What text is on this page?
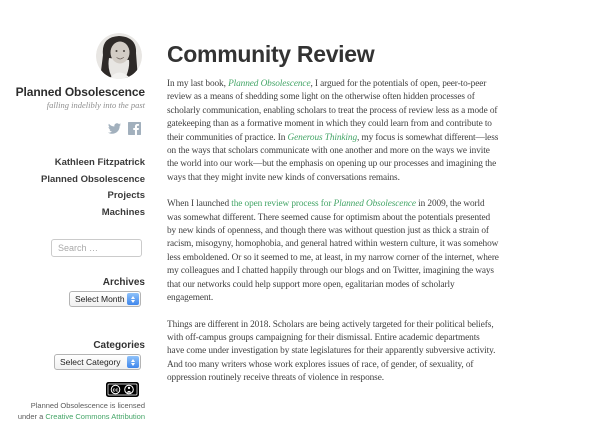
Planned Obsolescence
falling indelibly into the past
Kathleen Fitzpatrick
Planned Obsolescence
Projects
Machines
Search …
Archives
Select Month
Categories
Select Category
cc
Planned Obsolescence is licensed
under a Creative Commons Attribution
Community Review

In my last book, Planned Obsolescence, I argued for the potentials of open, peer-to-peer review as a means of shedding some light on the otherwise often hidden processes of scholarly communication, enabling scholars to treat the process of review less as a mode of gatekeeping than as a formative moment in which they could learn from and contribute to their communities of practice. In Generous Thinking, my focus is somewhat different—less on the ways that scholars communicate with one another and more on the ways we invite the world into our work—but the emphasis on opening up our processes and imagining the ways that they might invite new kinds of conversations remains.

When I launched the open review process for Planned Obsolescence in 2009, the world was somewhat different. There seemed cause for optimism about the potentials presented by new kinds of openness, and though there was without question just as thick a strain of racism, misogyny, homophobia, and general hatred within western culture, it was somehow less emboldened. Or so it seemed to me, at least, in my narrow corner of the internet, where my colleagues and I chatted happily through our blogs and on Twitter, imagining the ways that our networks could help support more open, egalitarian modes of scholarly engagement.

Things are different in 2018. Scholars are being actively targeted for their political beliefs, with off-campus groups campaigning for their dismissal. Entire academic departments have come under investigation by state legislatures for their apparently subversive activity. And too many writers whose work explores issues of race, of gender, of sexuality, of oppression routinely receive threats of violence in response.
